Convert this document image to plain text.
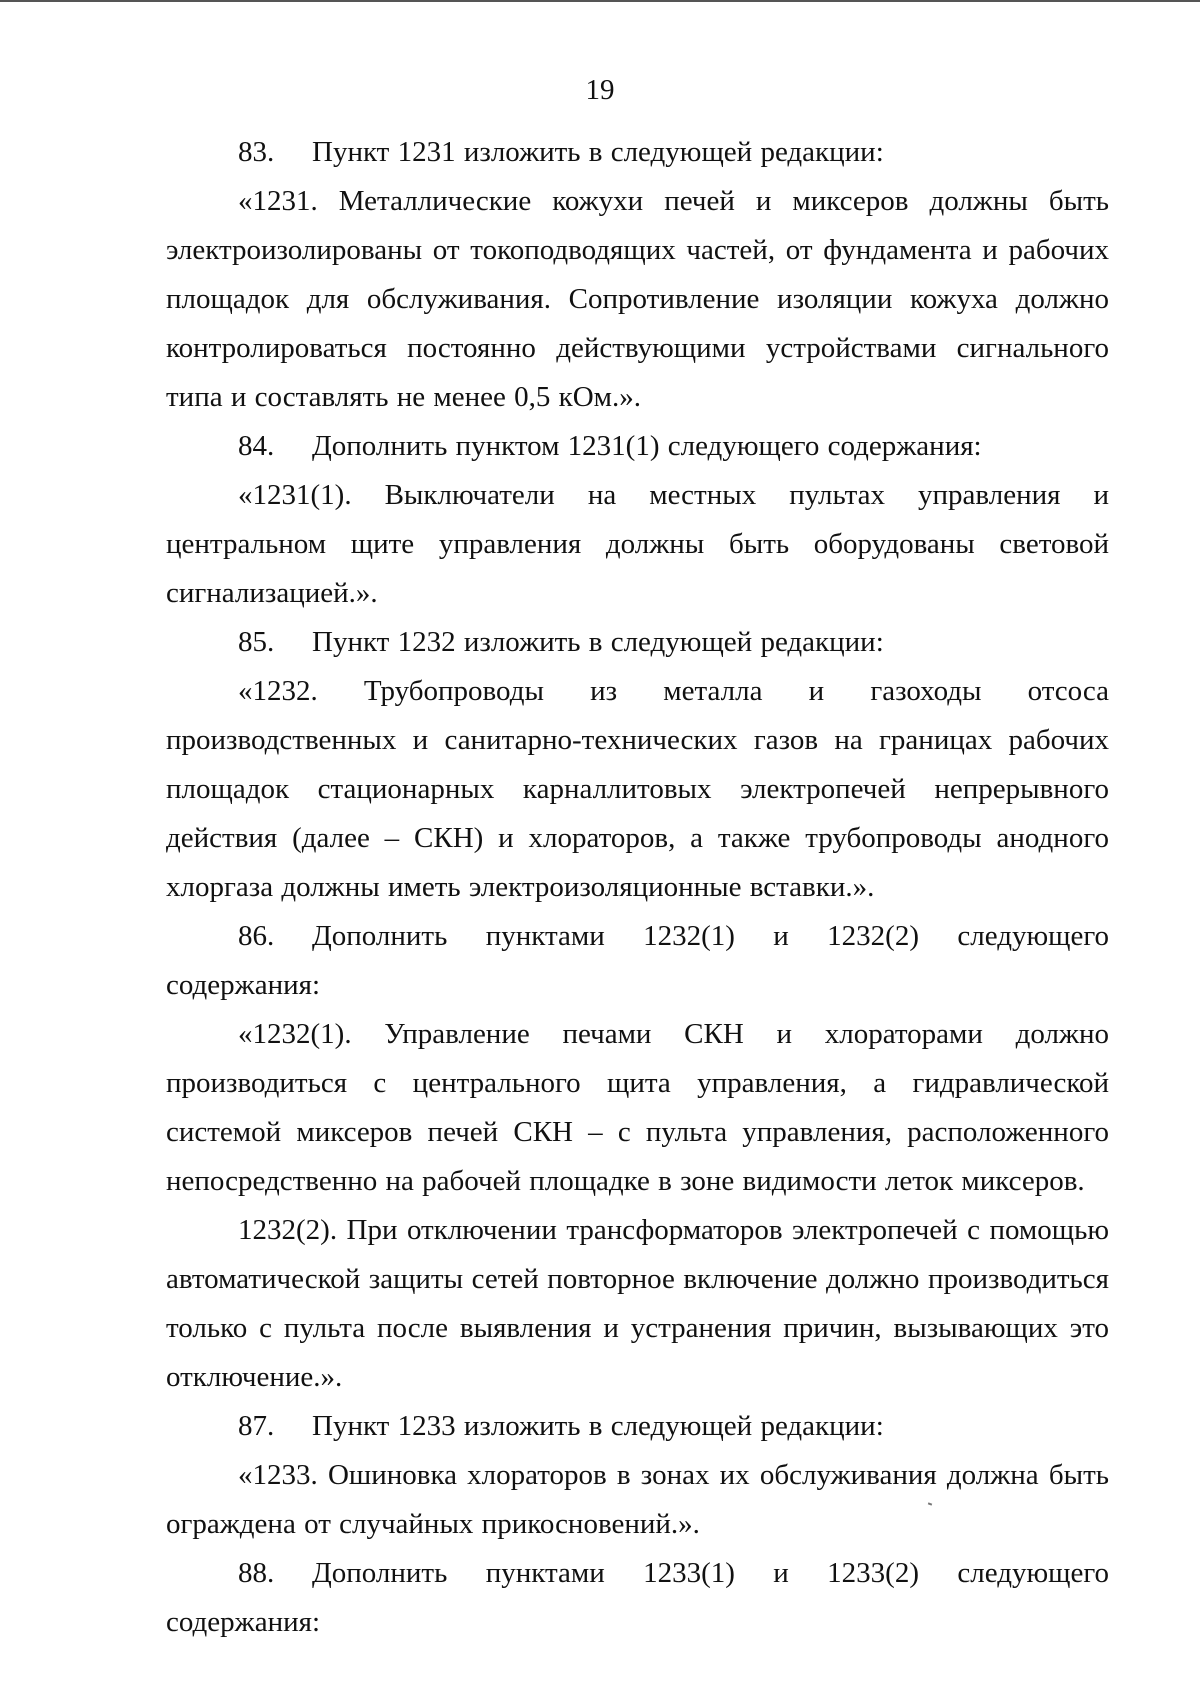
19

83. Пункт 1231 изложить в следующей редакции:

«1231. Металлические кожухи печей и миксеров должны быть электроизолированы от токоподводящих частей, от фундамента и рабочих площадок для обслуживания. Сопротивление изоляции кожуха должно контролироваться постоянно действующими устройствами сигнального типа и составлять не менее 0,5 кОм.».

84. Дополнить пунктом 1231(1) следующего содержания:

«1231(1). Выключатели на местных пультах управления и центральном щите управления должны быть оборудованы световой сигнализацией.».

85. Пункт 1232 изложить в следующей редакции:

«1232. Трубопроводы из металла и газоходы отсоса производственных и санитарно-технических газов на границах рабочих площадок стационарных карналлитовых электропечей непрерывного действия (далее – СКН) и хлораторов, а также трубопроводы анодного хлоргаза должны иметь электроизоляционные вставки.».

86. Дополнить пунктами 1232(1) и 1232(2) следующего содержания:

«1232(1). Управление печами СКН и хлораторами должно производиться с центрального щита управления, а гидравлической системой миксеров печей СКН – с пульта управления, расположенного непосредственно на рабочей площадке в зоне видимости леток миксеров.

1232(2). При отключении трансформаторов электропечей с помощью автоматической защиты сетей повторное включение должно производиться только с пульта после выявления и устранения причин, вызывающих это отключение.».

87. Пункт 1233 изложить в следующей редакции:

«1233. Ошиновка хлораторов в зонах их обслуживания должна быть ограждена от случайных прикосновений.».

88. Дополнить пунктами 1233(1) и 1233(2) следующего содержания:
